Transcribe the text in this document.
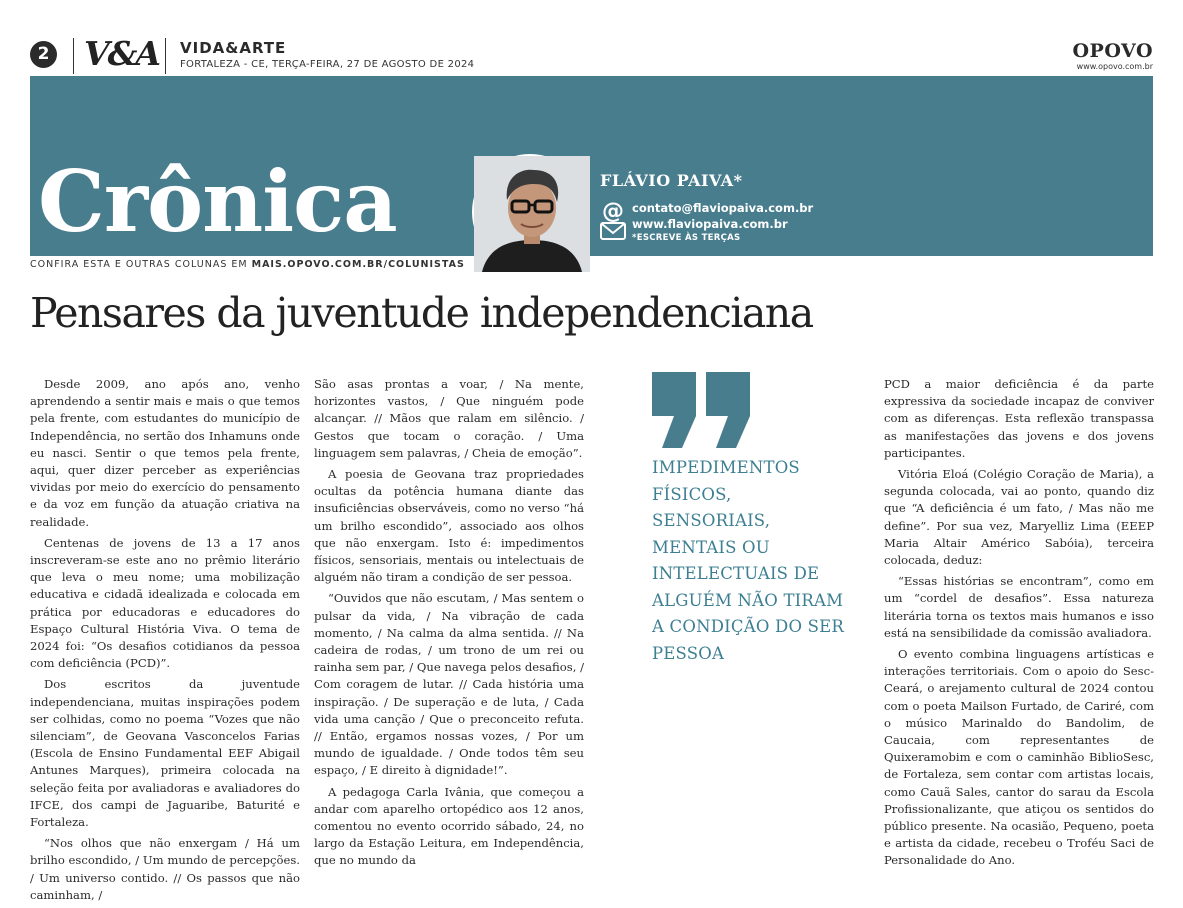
2 V&A VIDA&ARTE
FORTALEZA - CE, TERÇA-FEIRA, 27 DE AGOSTO DE 2024
OPOVO
www.opovo.com.br
Crônica	FLÁVIO PAIVA*
@ contato@flaviopaiva.com.br
www.flaviopaiva.com.br
*ESCREVE ÀS TERÇAS
CONFIRA ESTA E OUTRAS COLUNAS EM MAIS.OPOVO.COM.BR/COLUNISTAS
Pensares da juventude independenciana

Desde 2009, ano após ano, venho aprendendo a sentir mais e mais o que temos pela frente, com estudantes do município de Independência, no sertão dos Inhamuns onde eu nasci. Sentir o que temos pela frente, aqui, quer dizer perceber as experiências vividas por meio do exercício do pensamento e da voz em função da atuação criativa na realidade.

Centenas de jovens de 13 a 17 anos inscreveram-se este ano no prêmio literário que leva o meu nome; uma mobilização educativa e cidadã idealizada e colocada em prática por educadoras e educadores do Espaço Cultural História Viva. O tema de 2024 foi: “Os desafios cotidianos da pessoa com deficiência (PCD)”.

Dos escritos da juventude independenciana, muitas inspirações podem ser colhidas, como no poema “Vozes que não silenciam”, de Geovana Vasconcelos Farias (Escola de Ensino Fundamental EEF Abigail Antunes Marques), primeira colocada na seleção feita por avaliadoras e avaliadores do IFCE, dos campi de Jaguaribe, Baturité e Fortaleza.

“Nos olhos que não enxergam / Há um brilho escondido, / Um mundo de percepções. / Um universo contido. // Os passos que não caminham, /

São asas prontas a voar, / Na mente, horizontes vastos, / Que ninguém pode alcançar. // Mãos que ralam em silêncio. / Gestos que tocam o coração. / Uma linguagem sem palavras, / Cheia de emoção”.

A poesia de Geovana traz propriedades ocultas da potência humana diante das insuficiências observáveis, como no verso “há um brilho escondido”, associado aos olhos que não enxergam. Isto é: impedimentos físicos, sensoriais, mentais ou intelectuais de alguém não tiram a condição de ser pessoa.

“Ouvidos que não escutam, / Mas sentem o pulsar da vida, / Na vibração de cada momento, / Na calma da alma sentida. // Na cadeira de rodas, / um trono de um rei ou rainha sem par, / Que navega pelos desafios, / Com coragem de lutar. // Cada história uma inspiração. / De superação e de luta, / Cada vida uma canção / Que o preconceito refuta. // Então, ergamos nossas vozes, / Por um mundo de igualdade. / Onde todos têm seu espaço, / E direito à dignidade!”.

A pedagoga Carla Ivânia, que começou a andar com aparelho ortopédico aos 12 anos, comentou no evento ocorrido sábado, 24, no largo da Estação Leitura, em Independência, que no mundo da

IMPEDIMENTOS FÍSICOS, SENSORIAIS, MENTAIS OU INTELECTUAIS DE ALGUÉM NÃO TIRAM A CONDIÇÃO DO SER PESSOA

PCD a maior deficiência é da parte expressiva da sociedade incapaz de conviver com as diferenças. Esta reflexão transpassa as manifestações das jovens e dos jovens participantes.

Vitória Eloá (Colégio Coração de Maria), a segunda colocada, vai ao ponto, quando diz que “A deficiência é um fato, / Mas não me define”. Por sua vez, Maryelliz Lima (EEEP Maria Altair Américo Sabóia), terceira colocada, deduz:

“Essas histórias se encontram”, como em um “cordel de desafios”. Essa natureza literária torna os textos mais humanos e isso está na sensibilidade da comissão avaliadora.

O evento combina linguagens artísticas e interações territoriais. Com o apoio do Sesc-Ceará, o arejamento cultural de 2024 contou com o poeta Mailson Furtado, de Cariré, com o músico Marinaldo do Bandolim, de Caucaia, com representantes de Quixeramobim e com o caminhão BiblioSesc, de Fortaleza, sem contar com artistas locais, como Cauã Sales, cantor do sarau da Escola Profissionalizante, que atiçou os sentidos do público presente. Na ocasião, Pequeno, poeta e artista da cidade, recebeu o Troféu Saci de Personalidade do Ano.
